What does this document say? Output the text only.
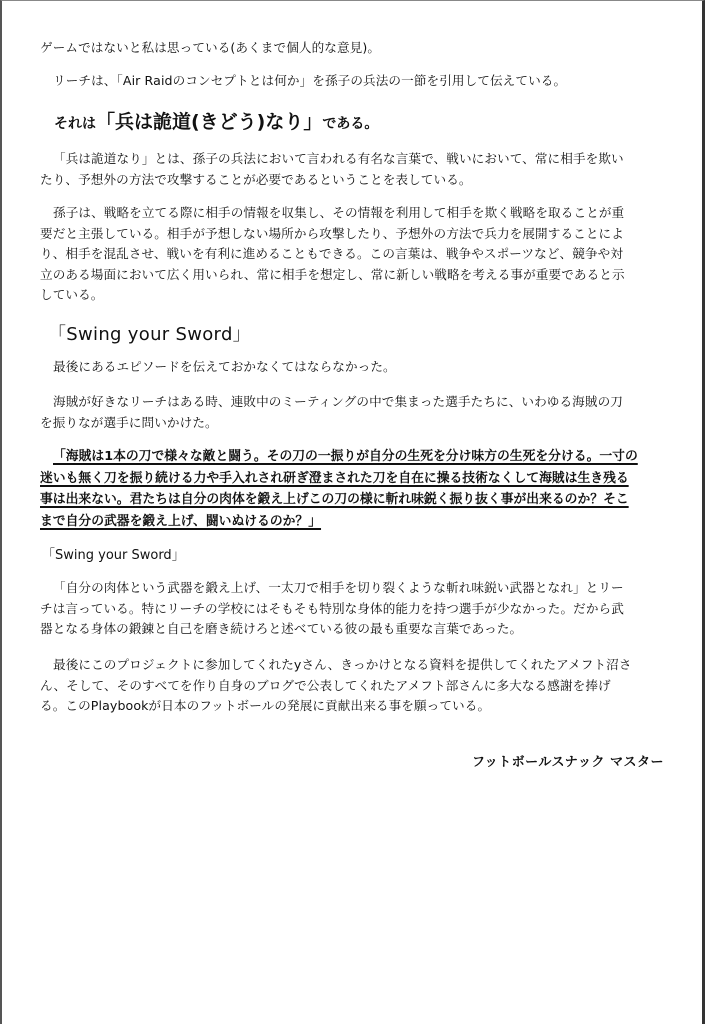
ゲームではないと私は思っている(あくまで個人的な意見)。
リーチは、「Air Raidのコンセプトとは何か」を孫子の兵法の一節を引用して伝えている。
それは「兵は詭道(きどう)なり」である。
「兵は詭道なり」とは、孫子の兵法において言われる有名な言葉で、戦いにおいて、常に相手を欺い
たり、予想外の方法で攻撃することが必要であるということを表している。
孫子は、戦略を立てる際に相手の情報を収集し、その情報を利用して相手を欺く戦略を取ることが重
要だと主張している。相手が予想しない場所から攻撃したり、予想外の方法で兵力を展開することによ
り、相手を混乱させ、戦いを有利に進めることもできる。この言葉は、戦争やスポーツなど、競争や対
立のある場面において広く用いられ、常に相手を想定し、常に新しい戦略を考える事が重要であると示
している。
「Swing your Sword」
最後にあるエピソードを伝えておかなくてはならなかった。
海賊が好きなリーチはある時、連敗中のミーティングの中で集まった選手たちに、いわゆる海賊の刀
を振りなが選手に問いかけた。
「海賊は1本の刀で様々な敵と闘う。その刀の一振りが自分の生死を分け味方の生死を分ける。一寸の
迷いも無く刀を振り続ける力や手入れされ研ぎ澄まされた刀を自在に操る技術なくして海賊は生き残る
事は出来ない。君たちは自分の肉体を鍛え上げこの刀の様に斬れ味鋭く振り抜く事が出来るのか？そこ
まで自分の武器を鍛え上げ、闘いぬけるのか？」
「Swing your Sword」
「自分の肉体という武器を鍛え上げ、一太刀で相手を切り裂くような斬れ味鋭い武器となれ」とリー
チは言っている。特にリーチの学校にはそもそも特別な身体的能力を持つ選手が少なかった。だから武
器となる身体の鍛錬と自己を磨き続けろと述べている彼の最も重要な言葉であった。
最後にこのプロジェクトに参加してくれたyさん、きっかけとなる資料を提供してくれたアメフト沼さ
ん、そして、そのすべてを作り自身のブログで公表してくれたアメフト部さんに多大なる感謝を捧げ
る。このPlaybookが日本のフットボールの発展に貢献出来る事を願っている。
フットボールスナック マスター
